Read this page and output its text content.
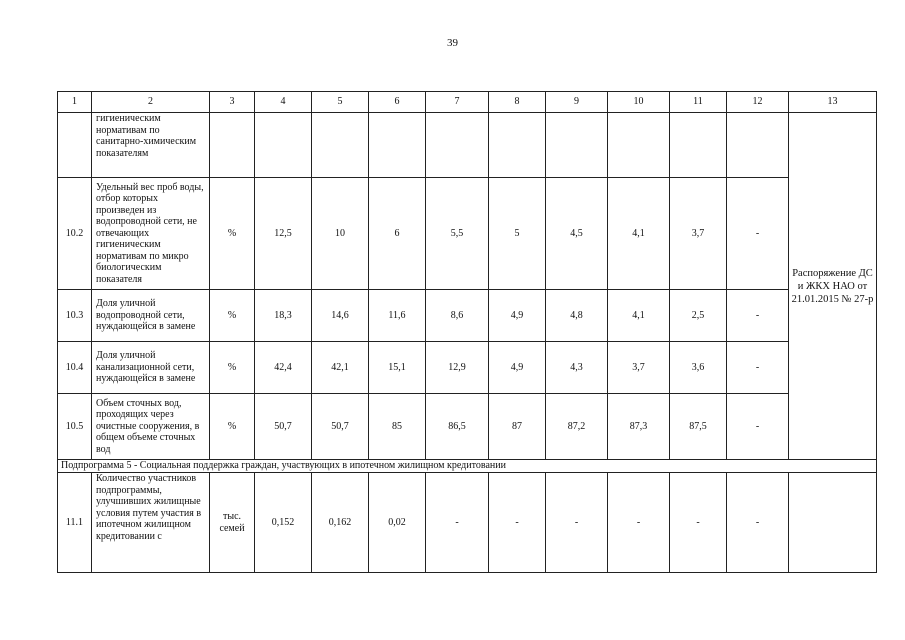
39
1	2	3	4	5	6	7	8	9	10	11	12	13
	гигиеническим нормативам по санитарно-химическим показателям											Распоряжение ДС и ЖКХ НАО от 21.01.2015 № 27-р
10.2	Удельный вес проб воды, отбор которых произведен из водопроводной сети, не отвечающих гигиеническим нормативам по микро биологическим показателя	%	12,5	10	6	5,5	5	4,5	4,1	3,7	-	
10.3	Доля уличной водопроводной сети, нуждающейся в замене	%	18,3	14,6	11,6	8,6	4,9	4,8	4,1	2,5	-	
10.4	Доля уличной канализационной сети, нуждающейся в замене	%	42,4	42,1	15,1	12,9	4,9	4,3	3,7	3,6	-	
10.5	Объем сточных вод, проходящих через очистные сооружения, в общем объеме сточных вод	%	50,7	50,7	85	86,5	87	87,2	87,3	87,5	-	
Подпрограмма 5 - Социальная поддержка граждан, участвующих в ипотечном жилищном кредитовании												
11.1	Количество участников подпрограммы, улучшивших жилищные условия путем участия в ипотечном жилищном кредитовании с	тыс. семей	0,152	0,162	0,02	-	-	-	-	-	-	
